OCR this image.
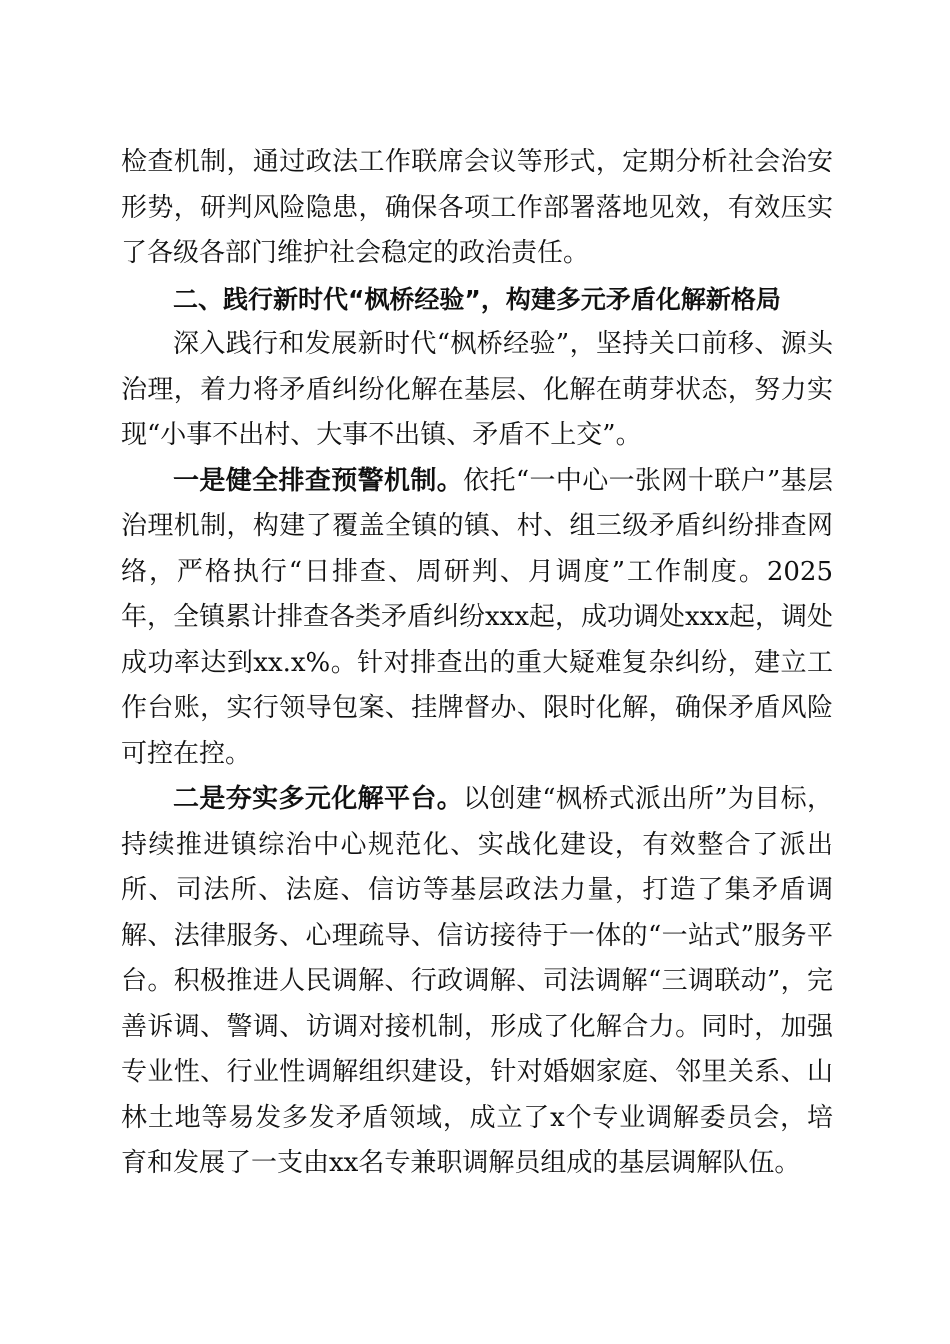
检查机制，通过政法工作联席会议等形式，定期分析社会治安形势，研判风险隐患，确保各项工作部署落地见效，有效压实了各级各部门维护社会稳定的政治责任。

二、践行新时代“枫桥经验”，构建多元矛盾化解新格局

深入践行和发展新时代“枫桥经验”，坚持关口前移、源头治理，着力将矛盾纠纷化解在基层、化解在萌芽状态，努力实现“小事不出村、大事不出镇、矛盾不上交”。

一是健全排查预警机制。依托“一中心一张网十联户”基层治理机制，构建了覆盖全镇的镇、村、组三级矛盾纠纷排查网络，严格执行“日排查、周研判、月调度”工作制度。2025年，全镇累计排查各类矛盾纠纷xxx起，成功调处xxx起，调处成功率达到xx.x%。针对排查出的重大疑难复杂纠纷，建立工作台账，实行领导包案、挂牌督办、限时化解，确保矛盾风险可控在控。

二是夯实多元化解平台。以创建“枫桥式派出所”为目标，持续推进镇综治中心规范化、实战化建设，有效整合了派出所、司法所、法庭、信访等基层政法力量，打造了集矛盾调解、法律服务、心理疏导、信访接待于一体的“一站式”服务平台。积极推进人民调解、行政调解、司法调解“三调联动”，完善诉调、警调、访调对接机制，形成了化解合力。同时，加强专业性、行业性调解组织建设，针对婚姻家庭、邻里关系、山林土地等易发多发矛盾领域，成立了x个专业调解委员会，培育和发展了一支由xx名专兼职调解员组成的基层调解队伍。
